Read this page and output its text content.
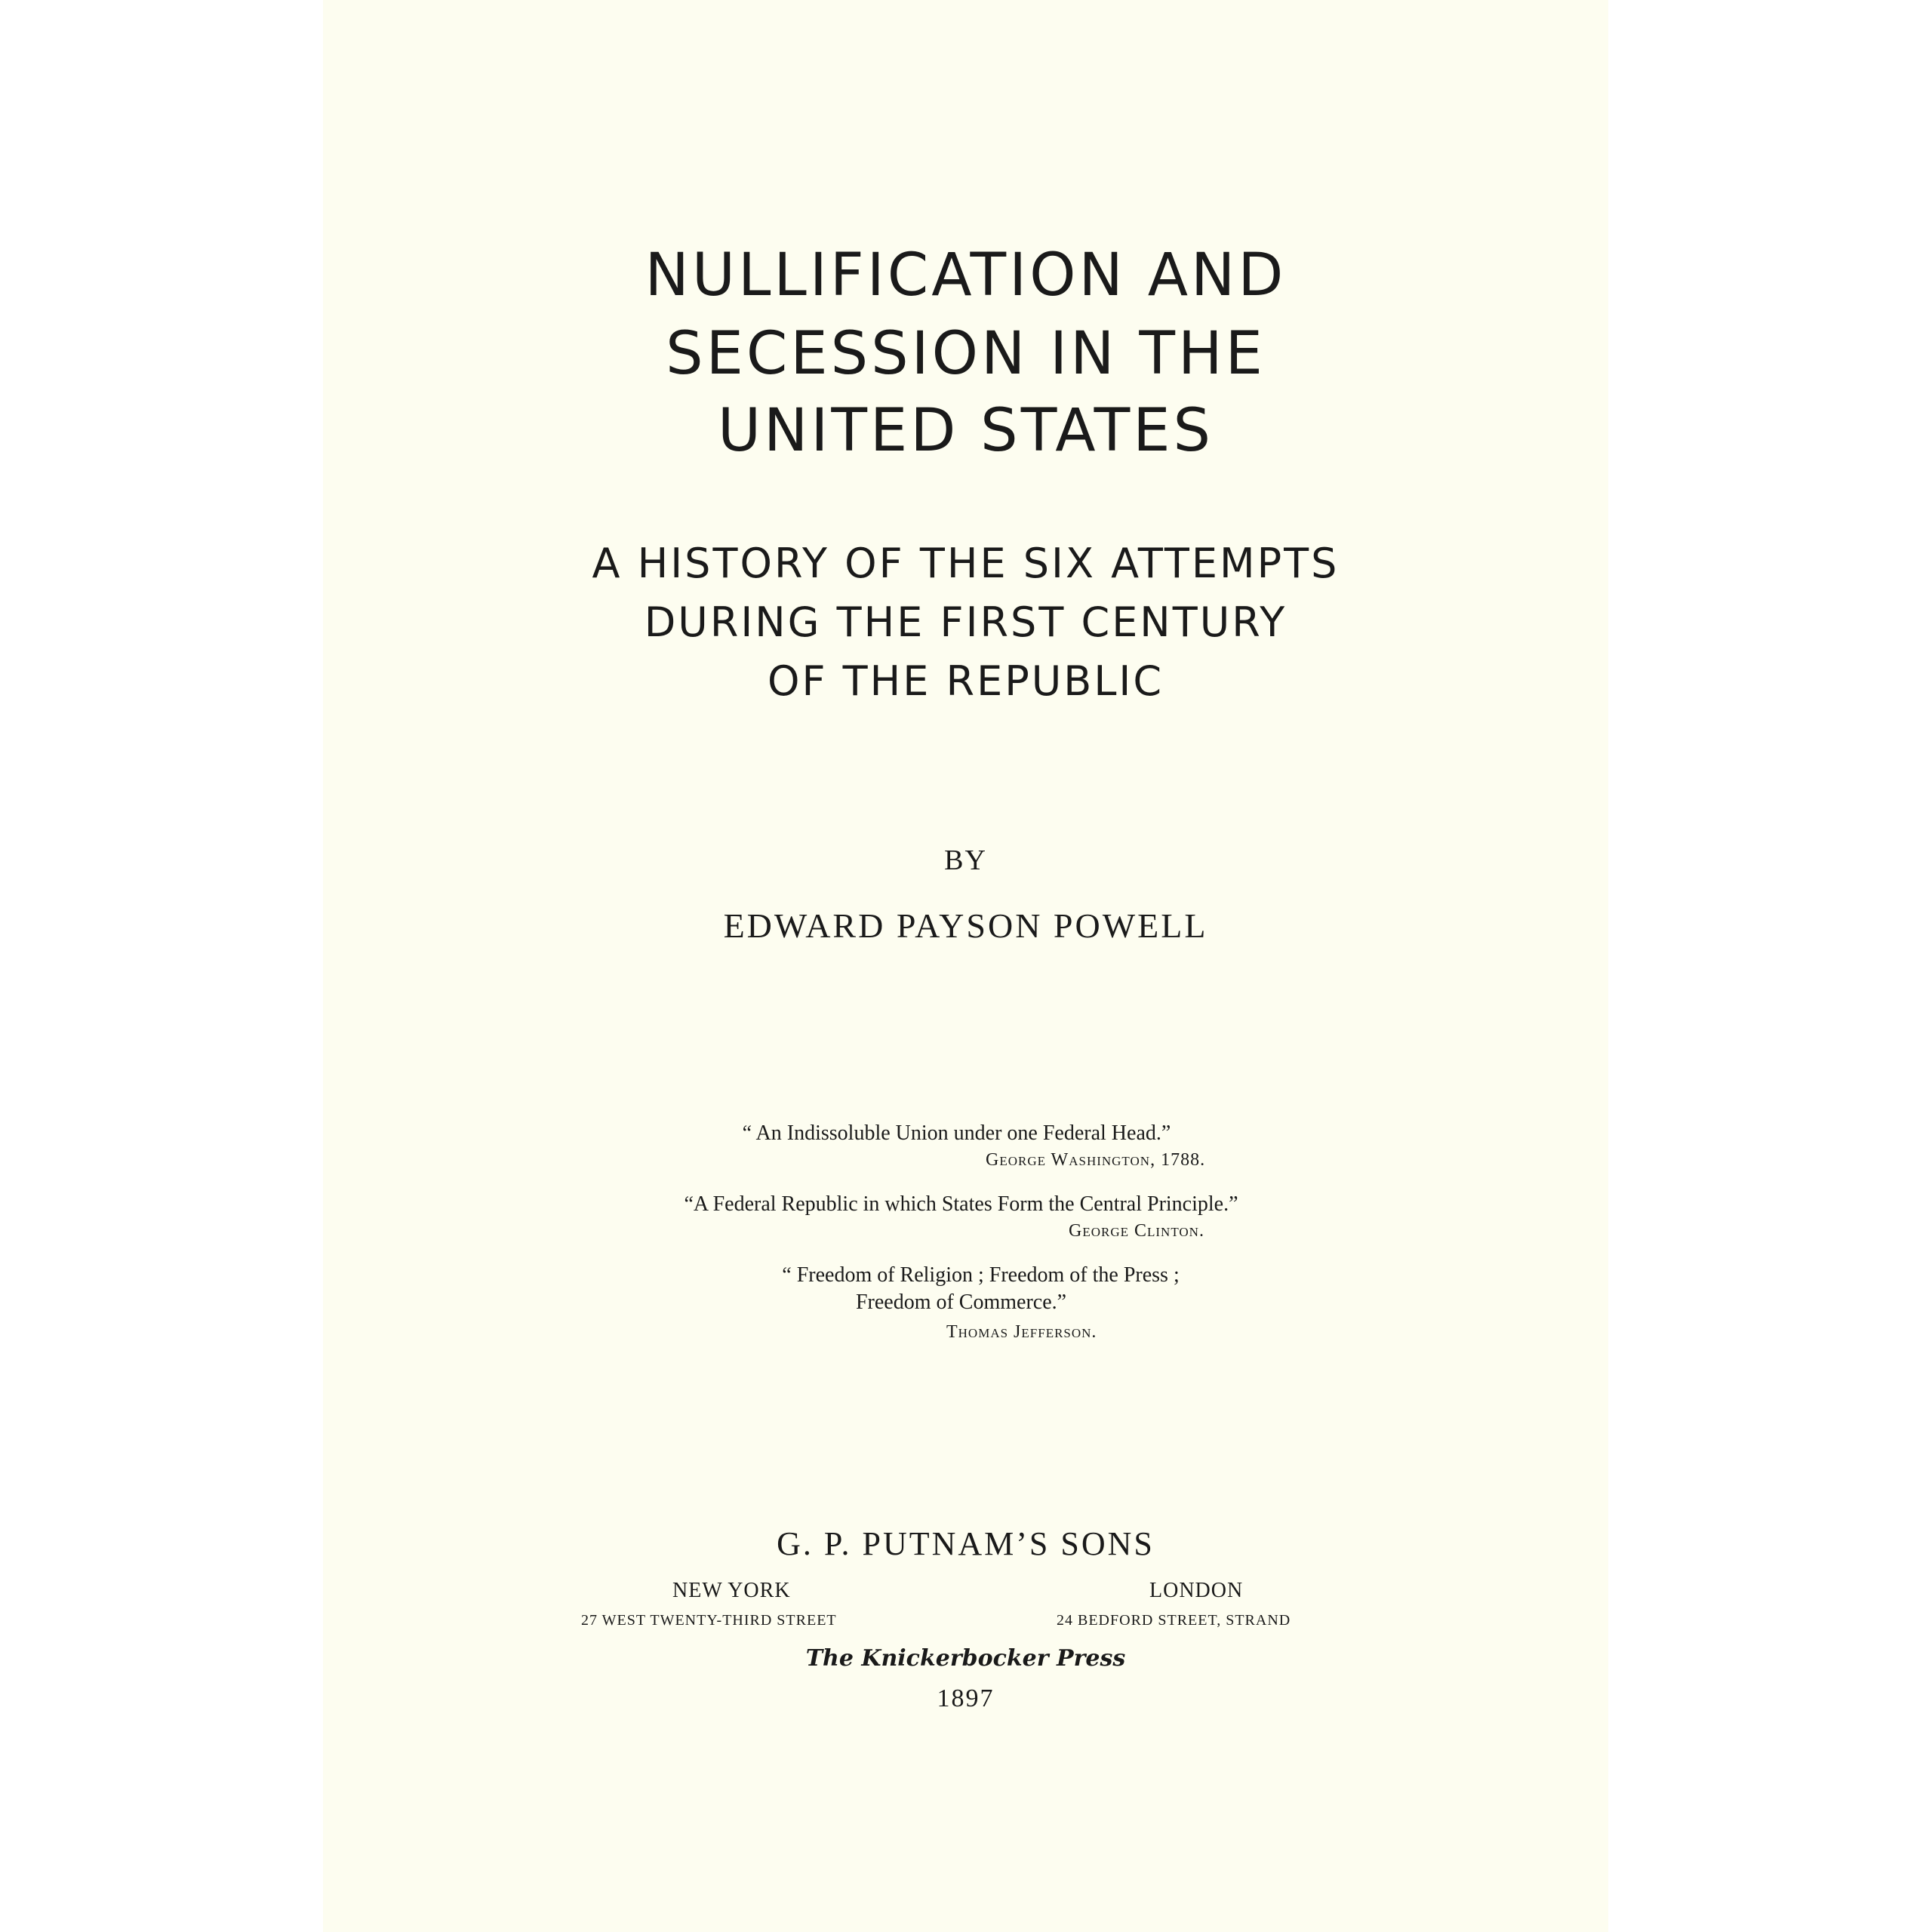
NULLIFICATION AND
SECESSION IN THE
UNITED STATES
A HISTORY OF THE SIX ATTEMPTS
DURING THE FIRST CENTURY
OF THE REPUBLIC
BY
EDWARD PAYSON POWELL
“ An Indissoluble Union under one Federal Head.”
George Washington, 1788.
“A Federal Republic in which States Form the Central Principle.”
George Clinton.
“ Freedom of Religion ; Freedom of the Press ;
Freedom of Commerce.”
Thomas Jefferson.
G. P. PUTNAM’S SONS
NEW YORK
27 WEST TWENTY-THIRD STREET
LONDON
24 BEDFORD STREET, STRAND
The Knickerbocker Press
1897
